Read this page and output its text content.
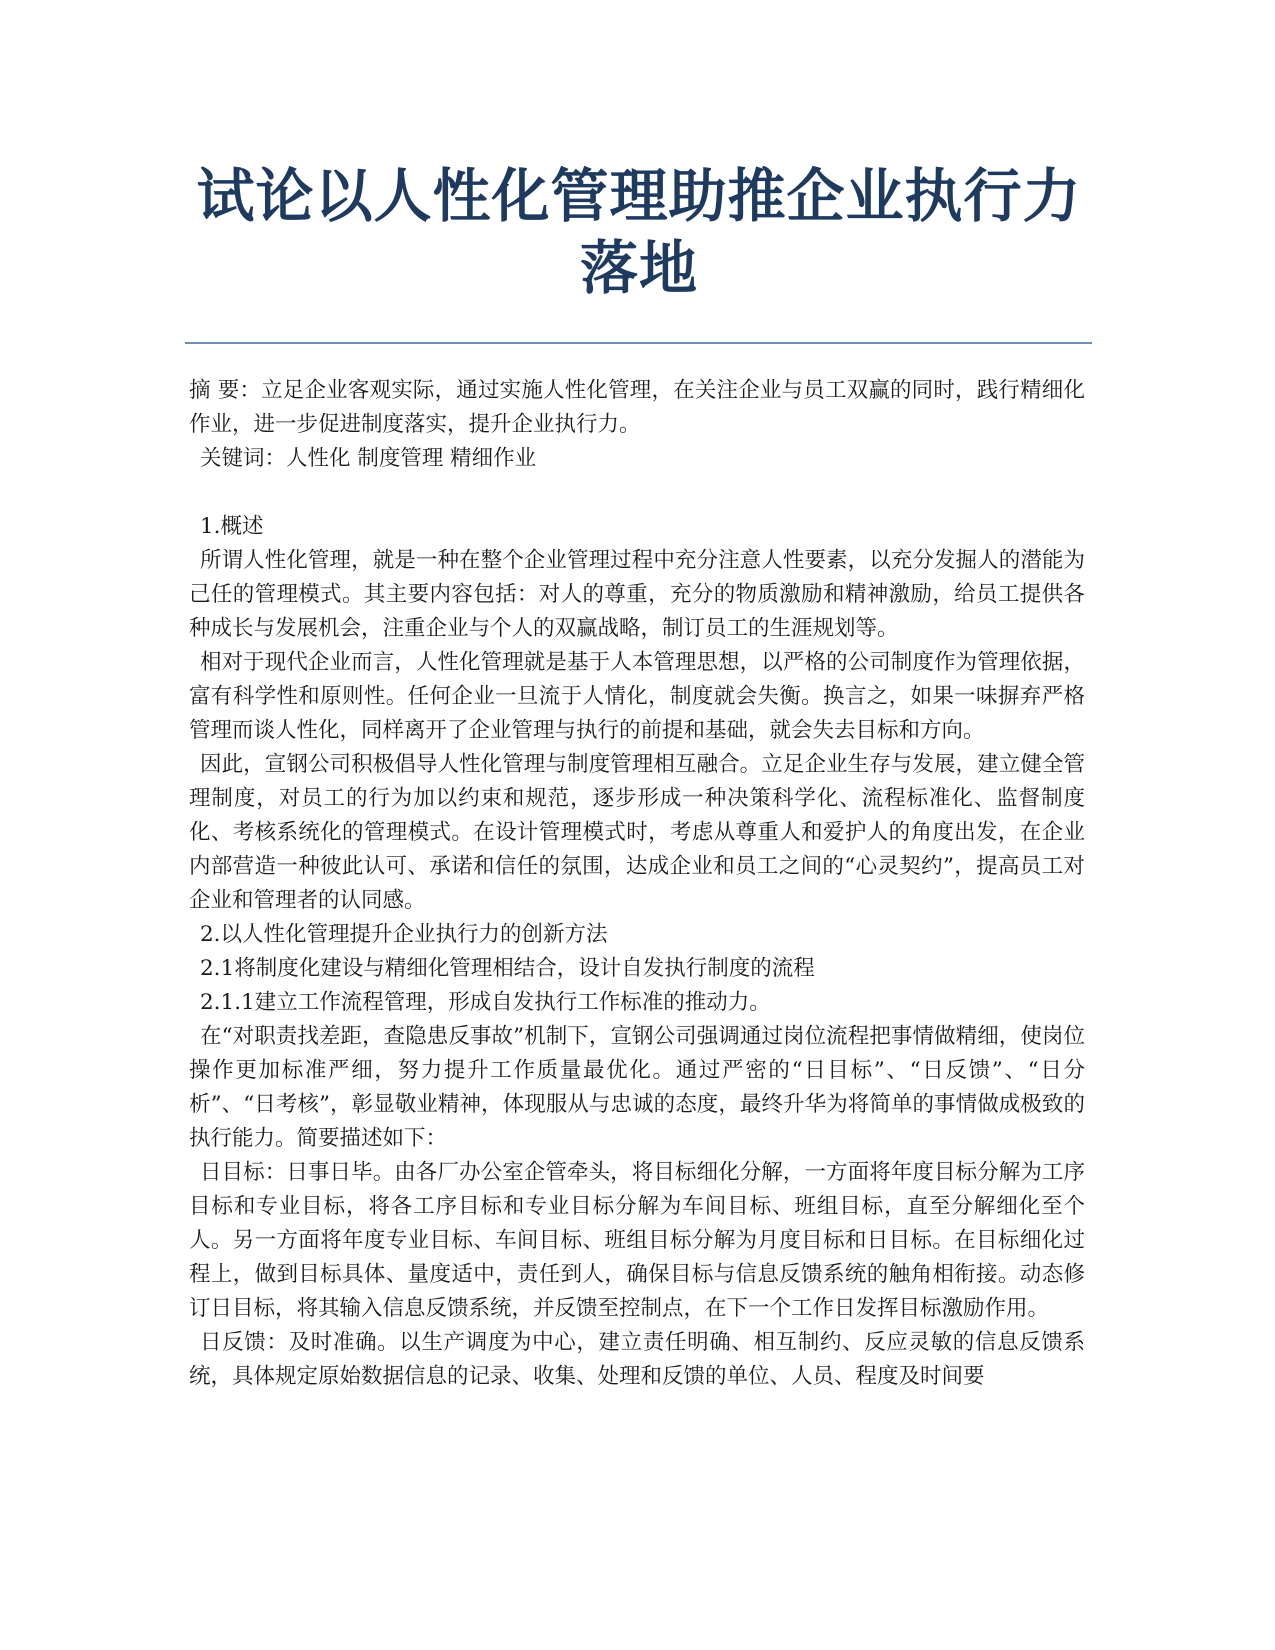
试论以人性化管理助推企业执行力落地

摘 要：立足企业客观实际，通过实施人性化管理，在关注企业与员工双赢的同时，践行精细化作业，进一步促进制度落实，提升企业执行力。

关键词：人性化 制度管理 精细作业

1.概述

所谓人性化管理，就是一种在整个企业管理过程中充分注意人性要素，以充分发掘人的潜能为己任的管理模式。其主要内容包括：对人的尊重，充分的物质激励和精神激励，给员工提供各种成长与发展机会，注重企业与个人的双赢战略，制订员工的生涯规划等。

相对于现代企业而言，人性化管理就是基于人本管理思想，以严格的公司制度作为管理依据，富有科学性和原则性。任何企业一旦流于人情化，制度就会失衡。换言之，如果一味摒弃严格管理而谈人性化，同样离开了企业管理与执行的前提和基础，就会失去目标和方向。

因此，宣钢公司积极倡导人性化管理与制度管理相互融合。立足企业生存与发展，建立健全管理制度，对员工的行为加以约束和规范，逐步形成一种决策科学化、流程标准化、监督制度化、考核系统化的管理模式。在设计管理模式时，考虑从尊重人和爱护人的角度出发，在企业内部营造一种彼此认可、承诺和信任的氛围，达成企业和员工之间的“心灵契约”，提高员工对企业和管理者的认同感。

2.以人性化管理提升企业执行力的创新方法

2.1将制度化建设与精细化管理相结合，设计自发执行制度的流程

2.1.1建立工作流程管理，形成自发执行工作标准的推动力。

在“对职责找差距，查隐患反事故”机制下，宣钢公司强调通过岗位流程把事情做精细，使岗位操作更加标准严细，努力提升工作质量最优化。通过严密的“日目标”、“日反馈”、“日分析”、“日考核”，彰显敬业精神，体现服从与忠诚的态度，最终升华为将简单的事情做成极致的执行能力。简要描述如下：

日目标：日事日毕。由各厂办公室企管牵头，将目标细化分解，一方面将年度目标分解为工序目标和专业目标，将各工序目标和专业目标分解为车间目标、班组目标，直至分解细化至个人。另一方面将年度专业目标、车间目标、班组目标分解为月度目标和日目标。在目标细化过程上，做到目标具体、量度适中，责任到人，确保目标与信息反馈系统的触角相衔接。动态修订日目标，将其输入信息反馈系统，并反馈至控制点，在下一个工作日发挥目标激励作用。

日反馈：及时准确。以生产调度为中心，建立责任明确、相互制约、反应灵敏的信息反馈系统，具体规定原始数据信息的记录、收集、处理和反馈的单位、人员、程度及时间要
